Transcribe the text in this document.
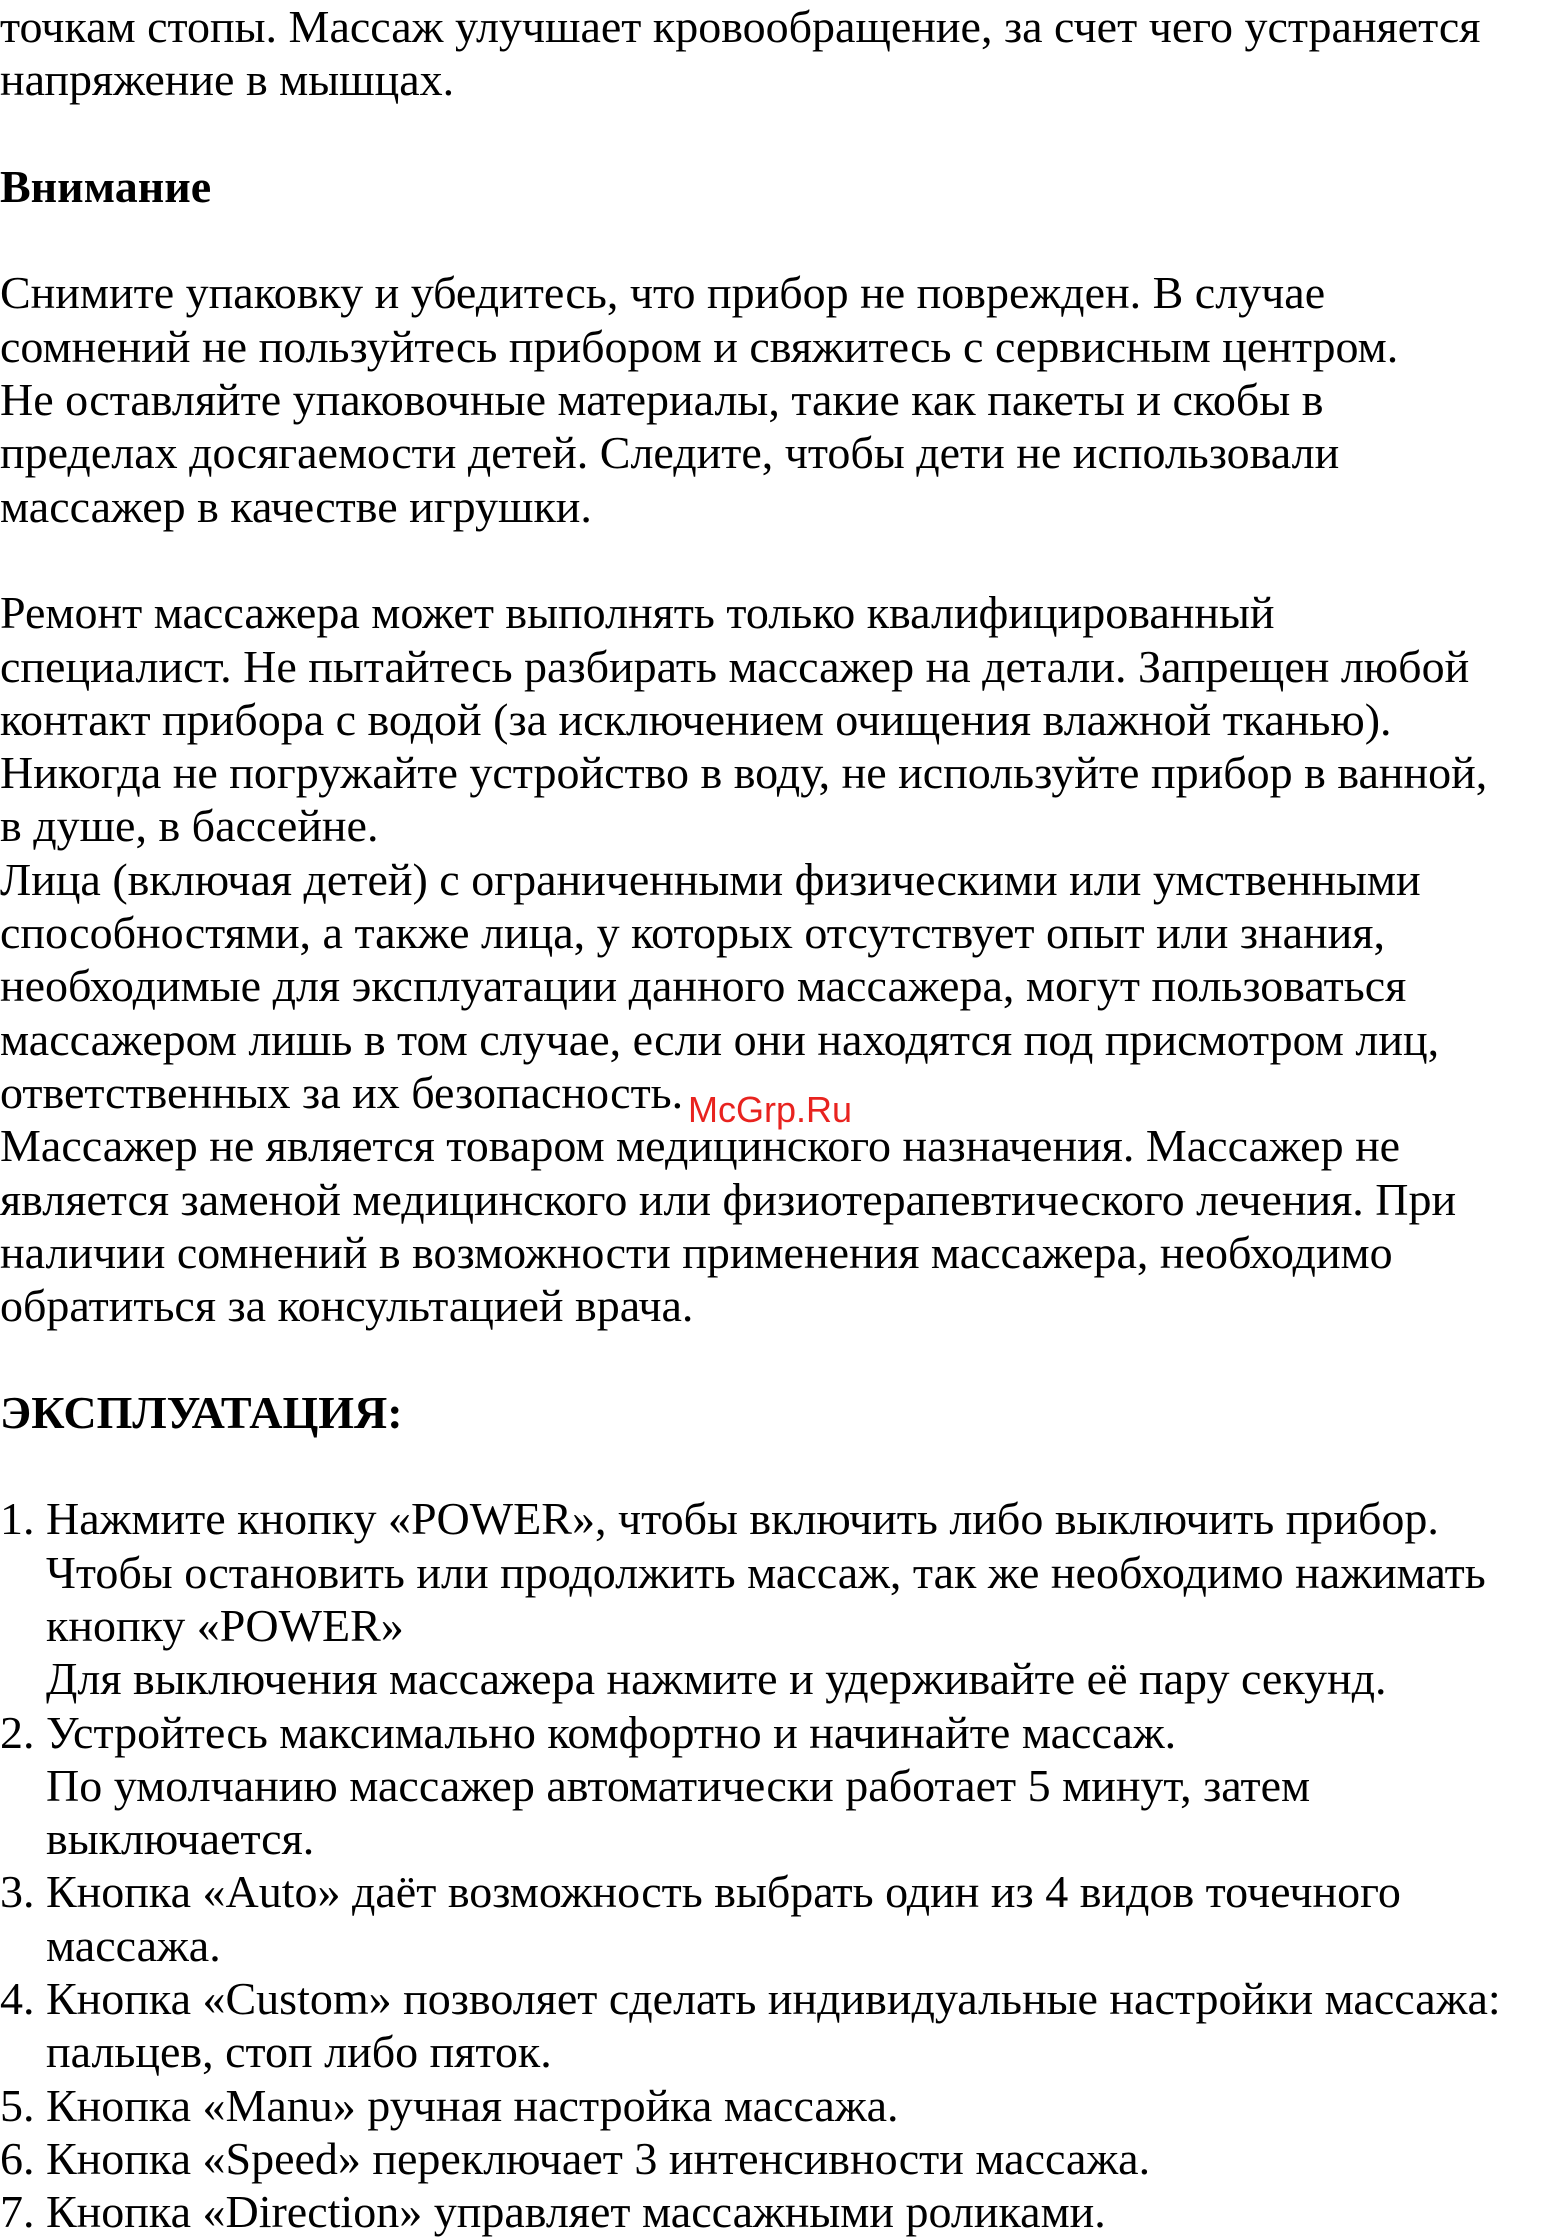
точкам стопы. Массаж улучшает кровообращение, за счет чего устраняется
напряжение в мышцах.
Внимание
Снимите упаковку и убедитесь, что прибор не поврежден. В случае
сомнений не пользуйтесь прибором и свяжитесь с сервисным центром.
Не оставляйте упаковочные материалы, такие как пакеты и скобы в
пределах досягаемости детей. Следите, чтобы дети не использовали
массажер в качестве игрушки.
Ремонт массажера может выполнять только квалифицированный
специалист. Не пытайтесь разбирать массажер на детали. Запрещен любой
контакт прибора с водой (за исключением очищения влажной тканью).
Никогда не погружайте устройство в воду, не используйте прибор в ванной,
в душе, в бассейне.
Лица (включая детей) с ограниченными физическими или умственными
способностями, а также лица, у которых отсутствует опыт или знания,
необходимые для эксплуатации данного массажера, могут пользоваться
массажером лишь в том случае, если они находятся под присмотром лиц,
ответственных за их безопасность.
Массажер не является товаром медицинского назначения. Массажер не
является заменой медицинского или физиотерапевтического лечения. При
наличии сомнений в возможности применения массажера, необходимо
обратиться за консультацией врача.
ЭКСПЛУАТАЦИЯ:
1. Нажмите кнопку «POWER», чтобы включить либо выключить прибор.
Чтобы остановить или продолжить массаж, так же необходимо нажимать
кнопку «POWER»
Для выключения массажера нажмите и удерживайте её пару секунд.
2. Устройтесь максимально комфортно и начинайте массаж.
По умолчанию массажер автоматически работает 5 минут, затем
выключается.
3. Кнопка «Auto» даёт возможность выбрать один из 4 видов точечного
массажа.
4. Кнопка «Custom» позволяет сделать индивидуальные настройки массажа:
пальцев, стоп либо пяток.
5. Кнопка «Manu» ручная настройка массажа.
6. Кнопка «Speed» переключает 3 интенсивности массажа.
7. Кнопка «Direction» управляет массажными роликами.
McGrp.Ru
